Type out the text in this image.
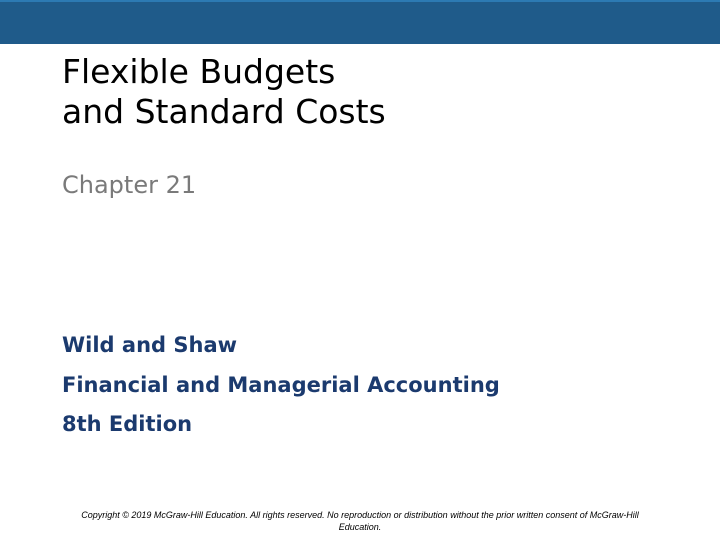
Flexible Budgets
and Standard Costs
Chapter 21
Wild and Shaw
Financial and Managerial Accounting
8th Edition
Copyright © 2019 McGraw-Hill Education. All rights reserved. No reproduction or distribution without the prior written consent of McGraw-Hill
Education.
